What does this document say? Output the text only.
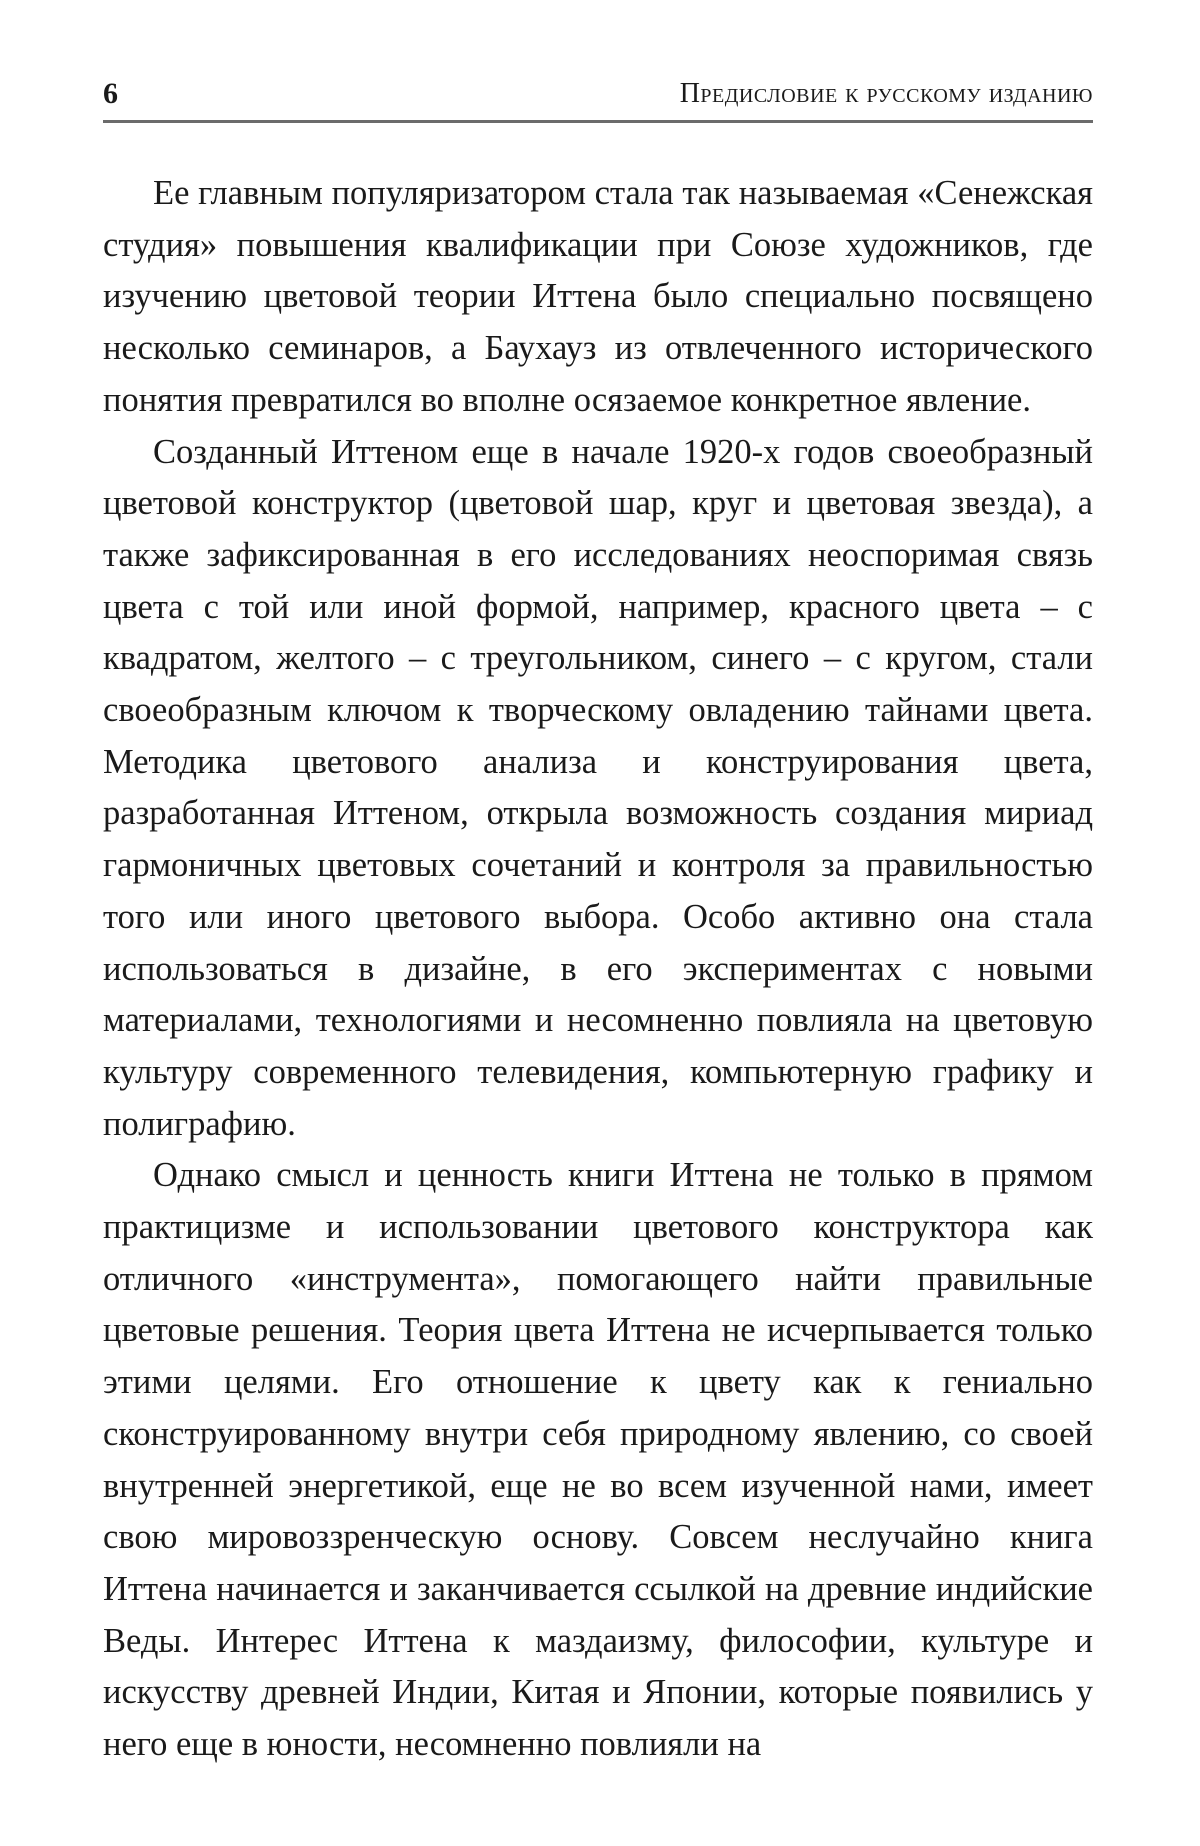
6	Предисловие к русскому изданию

Ее главным популяризатором стала так называемая «Сенежская студия» повышения квалификации при Союзе художников, где изучению цветовой теории Иттена было специально посвящено несколько семинаров, а Баухауз из отвлеченного исторического понятия превратился во вполне осязаемое конкретное явление.

Созданный Иттеном еще в начале 1920-х годов своеобразный цветовой конструктор (цветовой шар, круг и цветовая звезда), а также зафиксированная в его исследованиях неоспоримая связь цвета с той или иной формой, например, красного цвета – с квадратом, желтого – с треугольником, синего – с кругом, стали своеобразным ключом к творческому овладению тайнами цвета. Методика цветового анализа и конструирования цвета, разработанная Иттеном, открыла возможность создания мириад гармоничных цветовых сочетаний и контроля за правильностью того или иного цветового выбора. Особо активно она стала использоваться в дизайне, в его экспериментах с новыми материалами, технологиями и несомненно повлияла на цветовую культуру современного телевидения, компьютерную графику и полиграфию.

Однако смысл и ценность книги Иттена не только в прямом практицизме и использовании цветового конструктора как отличного «инструмента», помогающего найти правильные цветовые решения. Теория цвета Иттена не исчерпывается только этими целями. Его отношение к цвету как к гениально сконструированному внутри себя природному явлению, со своей внутренней энергетикой, еще не во всем изученной нами, имеет свою мировоззренческую основу. Совсем неслучайно книга Иттена начинается и заканчивается ссылкой на древние индийские Веды. Интерес Иттена к маздаизму, философии, культуре и искусству древней Индии, Китая и Японии, которые появились у него еще в юности, несомненно повлияли на
